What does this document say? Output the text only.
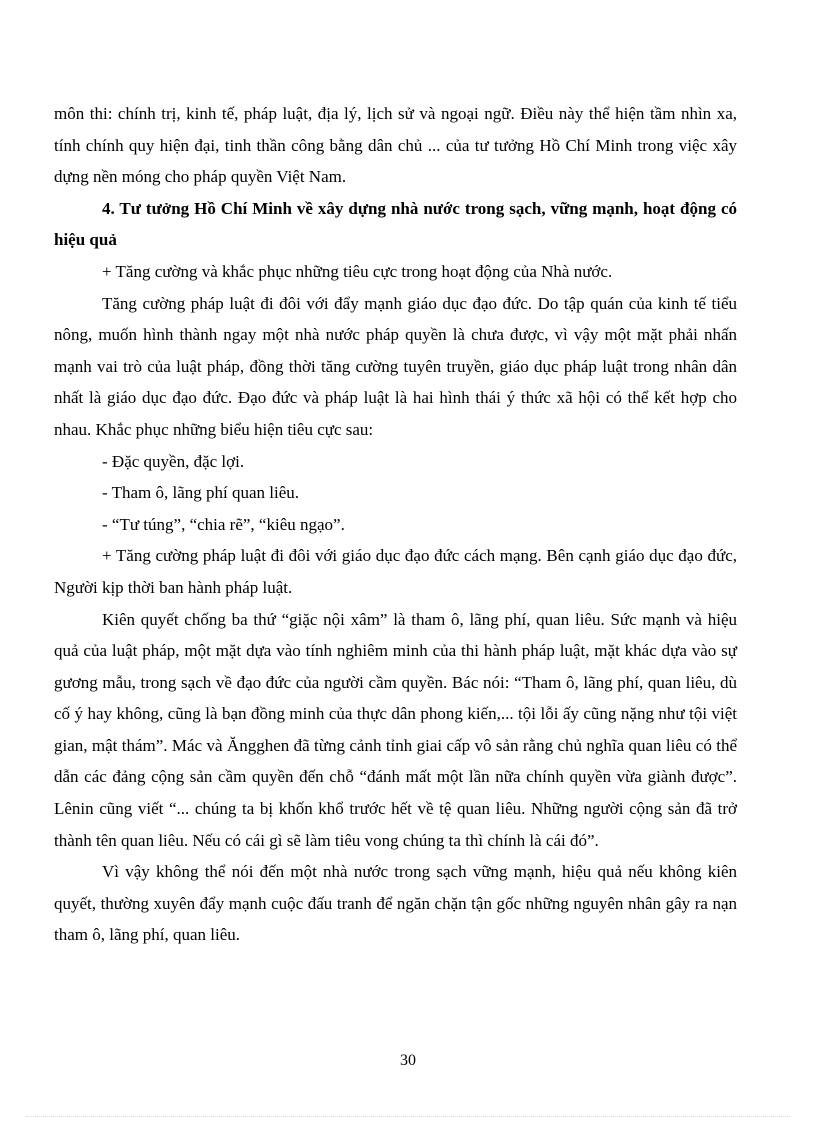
môn thi: chính trị, kinh tế, pháp luật, địa lý, lịch sử và ngoại ngữ. Điều này thể hiện tầm nhìn xa, tính chính quy hiện đại, tinh thần công bằng dân chủ ... của tư tưởng Hồ Chí Minh trong việc xây dựng nền móng cho pháp quyền Việt Nam.

4. Tư tưởng Hồ Chí Minh về xây dựng nhà nước trong sạch, vững mạnh, hoạt động có hiệu quả

+ Tăng cường và khắc phục những tiêu cực trong hoạt động của Nhà nước.

Tăng cường pháp luật đi đôi với đẩy mạnh giáo dục đạo đức. Do tập quán của kinh tế tiểu nông, muốn hình thành ngay một nhà nước pháp quyền là chưa được, vì vậy một mặt phải nhấn mạnh vai trò của luật pháp, đồng thời tăng cường tuyên truyền, giáo dục pháp luật trong nhân dân nhất là giáo dục đạo đức. Đạo đức và pháp luật là hai hình thái ý thức xã hội có thể kết hợp cho nhau. Khắc phục những biểu hiện tiêu cực sau:

- Đặc quyền, đặc lợi.

- Tham ô, lãng phí quan liêu.

- “Tư túng”, “chia rẽ”, “kiêu ngạo”.

+ Tăng cường pháp luật đi đôi với giáo dục đạo đức cách mạng. Bên cạnh giáo dục đạo đức, Người kịp thời ban hành pháp luật.

Kiên quyết chống ba thứ “giặc nội xâm” là tham ô, lãng phí, quan liêu. Sức mạnh và hiệu quả của luật pháp, một mặt dựa vào tính nghiêm minh của thi hành pháp luật, mặt khác dựa vào sự gương mẫu, trong sạch về đạo đức của người cầm quyền. Bác nói: “Tham ô, lãng phí, quan liêu, dù cố ý hay không, cũng là bạn đồng minh của thực dân phong kiến,... tội lỗi ấy cũng nặng như tội việt gian, mật thám”. Mác và Ăngghen đã từng cảnh tỉnh giai cấp vô sản rằng chủ nghĩa quan liêu có thể dẫn các đảng cộng sản cầm quyền đến chỗ “đánh mất một lần nữa chính quyền vừa giành được”. Lênin cũng viết “... chúng ta bị khốn khổ trước hết về tệ quan liêu. Những người cộng sản đã trở thành tên quan liêu. Nếu có cái gì sẽ làm tiêu vong chúng ta thì chính là cái đó”.

Vì vậy không thể nói đến một nhà nước trong sạch vững mạnh, hiệu quả nếu không kiên quyết, thường xuyên đẩy mạnh cuộc đấu tranh để ngăn chặn tận gốc những nguyên nhân gây ra nạn tham ô, lãng phí, quan liêu.

30
